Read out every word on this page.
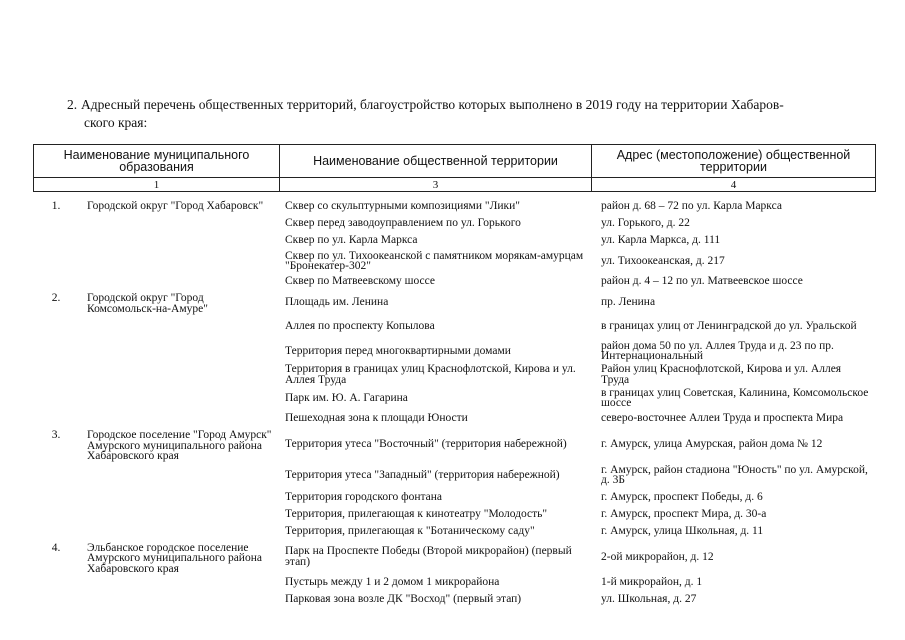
2. Адресный перечень общественных территорий, благоустройство которых выполнено в 2019 году на территории Хабаров-
ского края:

Наименование муниципального образования	Наименование общественной территории	Адрес (местоположение) общественной территории
1	3	4
1.	Городской округ "Город Хабаровск"	Сквер со скульптурными композициями "Лики"	район д. 68 – 72 по ул. Карла Маркса
		Сквер перед заводоуправлением по ул. Горького	ул. Горького, д. 22
		Сквер по ул. Карла Маркса	ул. Карла Маркса, д. 111
		Сквер по ул. Тихоокеанской с памятником морякам-амурцам "Бронекатер-302"	ул. Тихоокеанская, д. 217
		Сквер по Матвеевскому шоссе	район д. 4 – 12 по ул. Матвеевское шоссе
2.	Городской округ "Город Комсомольск-на-Амуре"	Площадь им. Ленина	пр. Ленина
		Аллея по проспекту Копылова	в границах улиц от Ленинградской до ул. Уральской
		Территория перед многоквартирными домами	район дома 50 по ул. Аллея Труда и д. 23 по пр. Интернациональный
		Территория в границах улиц Краснофлотской, Кирова и ул. Аллея Труда	Район улиц Краснофлотской, Кирова и ул. Аллея Труда
		Парк им. Ю. А. Гагарина	в границах улиц Советская, Калинина, Комсомольское шоссе
		Пешеходная зона к площади Юности	северо-восточнее Аллеи Труда и проспекта Мира
3.	Городское поселение "Город Амурск" Амурского муниципального района Хабаровского края	Территория утеса "Восточный" (территория набережной)	г. Амурск, улица Амурская, район дома № 12
		Территория утеса "Западный" (территория набережной)	г. Амурск, район стадиона "Юность" по ул. Амурской, д. 3Б
		Территория городского фонтана	г. Амурск, проспект Победы, д. 6
		Территория, прилегающая к кинотеатру "Молодость"	г. Амурск, проспект Мира, д. 30-а
		Территория, прилегающая к "Ботаническому саду"	г. Амурск, улица Школьная, д. 11
4.	Эльбанское городское поселение Амурского муниципального района Хабаровского края	Парк на Проспекте Победы (Второй микрорайон) (первый этап)	2-ой микрорайон, д. 12
		Пустырь между 1 и 2 домом 1 микрорайона	1-й микрорайон, д. 1
		Парковая зона возле ДК "Восход" (первый этап)	ул. Школьная, д. 27
